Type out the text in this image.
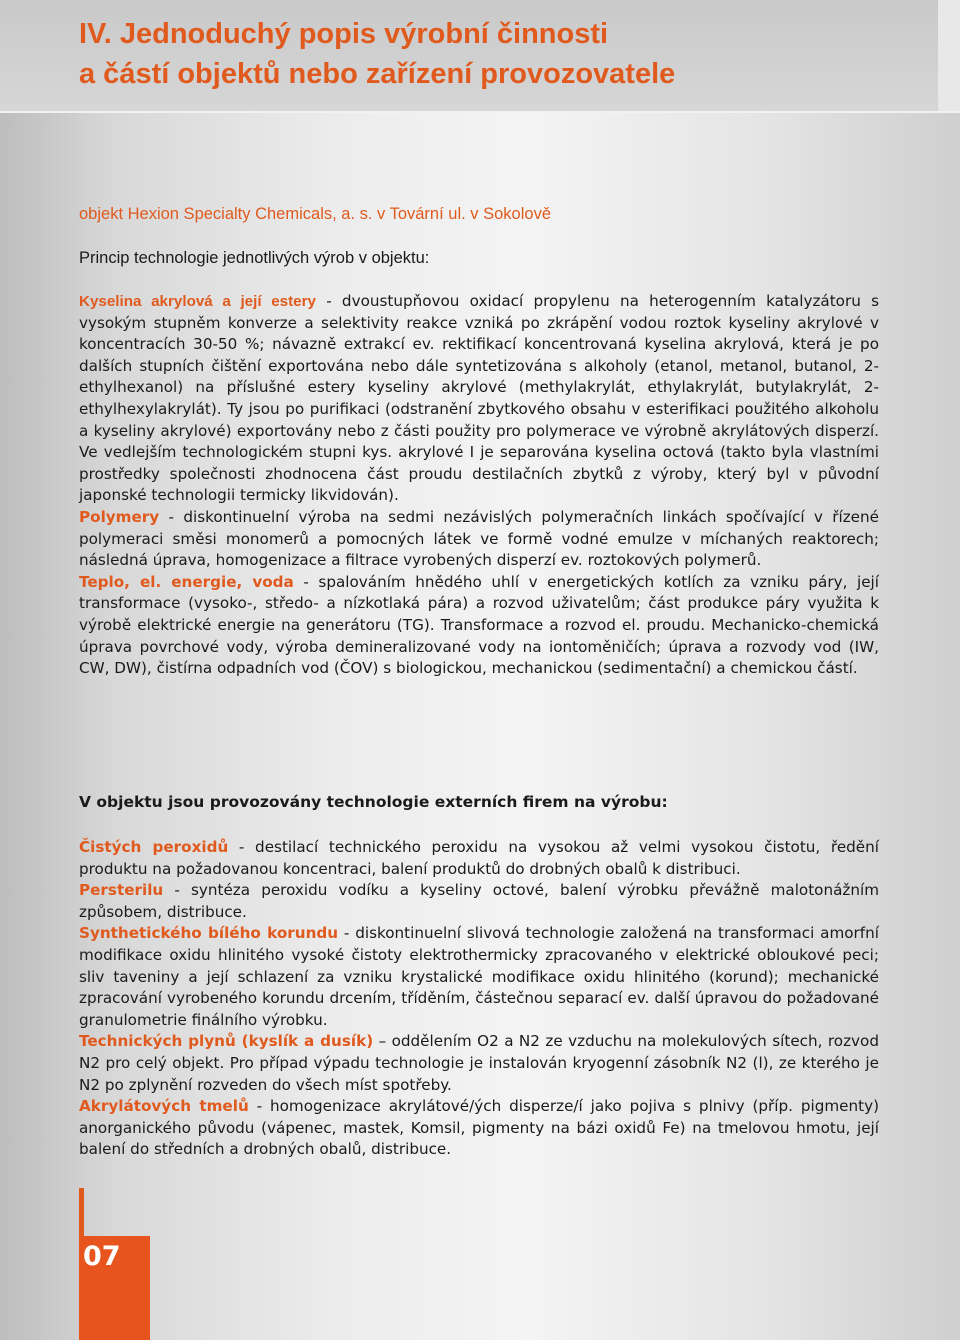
IV. Jednoduchý popis výrobní činnosti
a částí objektů nebo zařízení provozovatele
objekt Hexion Specialty Chemicals, a. s. v Tovární ul. v Sokolově
Princip technologie jednotlivých výrob v objektu:

Kyselina akrylová a její estery - dvoustupňovou oxidací propylenu na heterogenním katalyzátoru s vysokým stupněm konverze a selektivity reakce vzniká po zkrápění vodou roztok kyseliny akrylové v koncentracích 30-50 %; návazně extrakcí ev. rektifikací koncentrovaná kyselina akrylová, která je po dalších stupních čištění exportována nebo dále syntetizována s alkoholy (etanol, metanol, butanol, 2-ethylhexanol) na příslušné estery kyseliny akrylové (methylakrylát, ethylakrylát, butylakrylát, 2-ethylhexylakrylát). Ty jsou po purifikaci (odstranění zbytkového obsahu v esterifikaci použitého alkoholu a kyseliny akrylové) exportovány nebo z části použity pro polymerace ve výrobně akrylátových disperzí. Ve vedlejším technologickém stupni kys. akrylové I je separována kyselina octová (takto byla vlastními prostředky společnosti zhodnocena část proudu destilačních zbytků z výroby, který byl v původní japonské technologii termicky likvidován).

Polymery - diskontinuelní výroba na sedmi nezávislých polymeračních linkách spočívající v řízené polymeraci směsi monomerů a pomocných látek ve formě vodné emulze v míchaných reaktorech; následná úprava, homogenizace a filtrace vyrobených disperzí ev. roztokových polymerů.

Teplo, el. energie, voda - spalováním hnědého uhlí v energetických kotlích za vzniku páry, její transformace (vysoko-, středo- a nízkotlaká pára) a rozvod uživatelům; část produkce páry využita k výrobě elektrické energie na generátoru (TG). Transformace a rozvod el. proudu. Mechanicko-chemická úprava povrchové vody, výroba demineralizované vody na iontoměničích; úprava a rozvody vod (IW, CW, DW), čistírna odpadních vod (ČOV) s biologickou, mechanickou (sedimentační) a chemickou částí.

V objektu jsou provozovány technologie externích firem na výrobu:

Čistých peroxidů - destilací technického peroxidu na vysokou až velmi vysokou čistotu, ředění produktu na požadovanou koncentraci, balení produktů do drobných obalů k distribuci.

Persterilu - syntéza peroxidu vodíku a kyseliny octové, balení výrobku převážně malotonážním způsobem, distribuce.

Synthetického bílého korundu - diskontinuelní slivová technologie založená na transformaci amorfní modifikace oxidu hlinitého vysoké čistoty elektrothermicky zpracovaného v elektrické obloukové peci; sliv taveniny a její schlazení za vzniku krystalické modifikace oxidu hlinitého (korund); mechanické zpracování vyrobeného korundu drcením, tříděním, částečnou separací ev. další úpravou do požadované granulometrie finálního výrobku.

Technických plynů (kyslík a dusík) – oddělením O2 a N2 ze vzduchu na molekulových sítech, rozvod N2 pro celý objekt. Pro případ výpadu technologie je instalován kryogenní zásobník N2 (l), ze kterého je N2 po zplynění rozveden do všech míst spotřeby.

Akrylátových tmelů - homogenizace akrylátové/ých disperze/í jako pojiva s plnivy (příp. pigmenty) anorganického původu (vápenec, mastek, Komsil, pigmenty na bázi oxidů Fe) na tmelovou hmotu, její balení do středních a drobných obalů, distribuce.

07
